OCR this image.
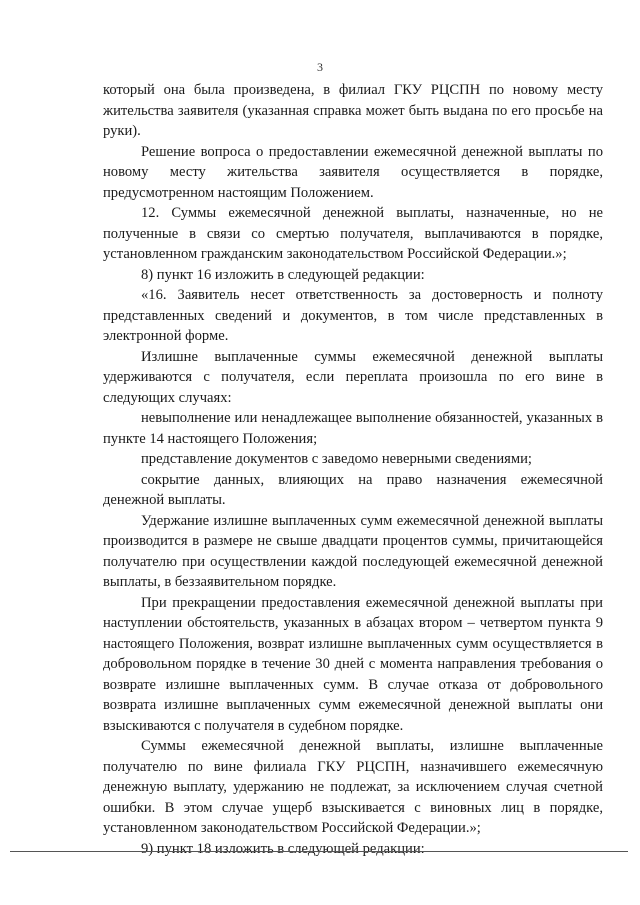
3

который она была произведена, в филиал ГКУ РЦСПН по новому месту жительства заявителя (указанная справка может быть выдана по его просьбе на руки).

Решение вопроса о предоставлении ежемесячной денежной выплаты по новому месту жительства заявителя осуществляется в порядке, предусмотренном настоящим Положением.

12. Суммы ежемесячной денежной выплаты, назначенные, но не полученные в связи со смертью получателя, выплачиваются в порядке, установленном гражданским законодательством Российской Федерации.»;

8) пункт 16 изложить в следующей редакции:

«16. Заявитель несет ответственность за достоверность и полноту представленных сведений и документов, в том числе представленных в электронной форме.

Излишне выплаченные суммы ежемесячной денежной выплаты удерживаются с получателя, если переплата произошла по его вине в следующих случаях:

невыполнение или ненадлежащее выполнение обязанностей, указанных в пункте 14 настоящего Положения;

представление документов с заведомо неверными сведениями;

сокрытие данных, влияющих на право назначения ежемесячной денежной выплаты.

Удержание излишне выплаченных сумм ежемесячной денежной выплаты производится в размере не свыше двадцати процентов суммы, причитающейся получателю при осуществлении каждой последующей ежемесячной денежной выплаты, в беззаявительном порядке.

При прекращении предоставления ежемесячной денежной выплаты при наступлении обстоятельств, указанных в абзацах втором – четвертом пункта 9 настоящего Положения, возврат излишне выплаченных сумм осуществляется в добровольном порядке в течение 30 дней с момента направления требования о возврате излишне выплаченных сумм. В случае отказа от добровольного возврата излишне выплаченных сумм ежемесячной денежной выплаты они взыскиваются с получателя в судебном порядке.

Суммы ежемесячной денежной выплаты, излишне выплаченные получателю по вине филиала ГКУ РЦСПН, назначившего ежемесячную денежную выплату, удержанию не подлежат, за исключением случая счетной ошибки. В этом случае ущерб взыскивается с виновных лиц в порядке, установленном законодательством Российской Федерации.»;

9) пункт 18 изложить в следующей редакции:
